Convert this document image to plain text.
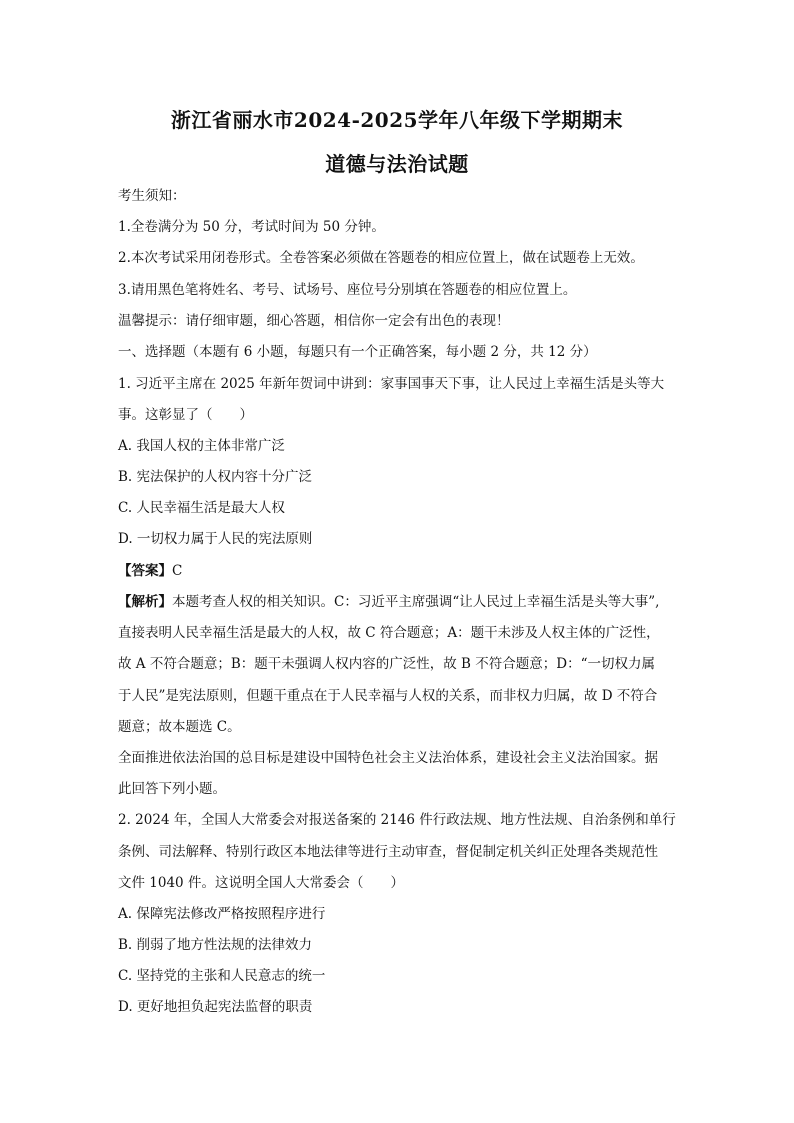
浙江省丽水市2024-2025学年八年级下学期期末
道德与法治试题
考生须知：
1.全卷满分为 50 分，考试时间为 50 分钟。
2.本次考试采用闭卷形式。全卷答案必须做在答题卷的相应位置上，做在试题卷上无效。
3.请用黑色笔将姓名、考号、试场号、座位号分别填在答题卷的相应位置上。
温馨提示：请仔细审题，细心答题，相信你一定会有出色的表现！
一、选择题（本题有 6 小题，每题只有一个正确答案，每小题 2 分，共 12 分）
1. 习近平主席在 2025 年新年贺词中讲到：家事国事天下事，让人民过上幸福生活是头等大
事。这彰显了（　　）
A. 我国人权的主体非常广泛
B. 宪法保护的人权内容十分广泛
C. 人民幸福生活是最大人权
D. 一切权力属于人民的宪法原则
【答案】C
【解析】本题考查人权的相关知识。C：习近平主席强调“让人民过上幸福生活是头等大事”,
直接表明人民幸福生活是最大的人权，故 C 符合题意；A：题干未涉及人权主体的广泛性，
故 A 不符合题意；B：题干未强调人权内容的广泛性，故 B 不符合题意；D：“一切权力属
于人民”是宪法原则，但题干重点在于人民幸福与人权的关系，而非权力归属，故 D 不符合
题意；故本题选 C。
全面推进依法治国的总目标是建设中国特色社会主义法治体系，建设社会主义法治国家。据
此回答下列小题。
2. 2024 年，全国人大常委会对报送备案的 2146 件行政法规、地方性法规、自治条例和单行
条例、司法解释、特别行政区本地法律等进行主动审查，督促制定机关纠正处理各类规范性
文件 1040 件。这说明全国人大常委会（　　）
A. 保障宪法修改严格按照程序进行
B. 削弱了地方性法规的法律效力
C. 坚持党的主张和人民意志的统一
D. 更好地担负起宪法监督的职责
